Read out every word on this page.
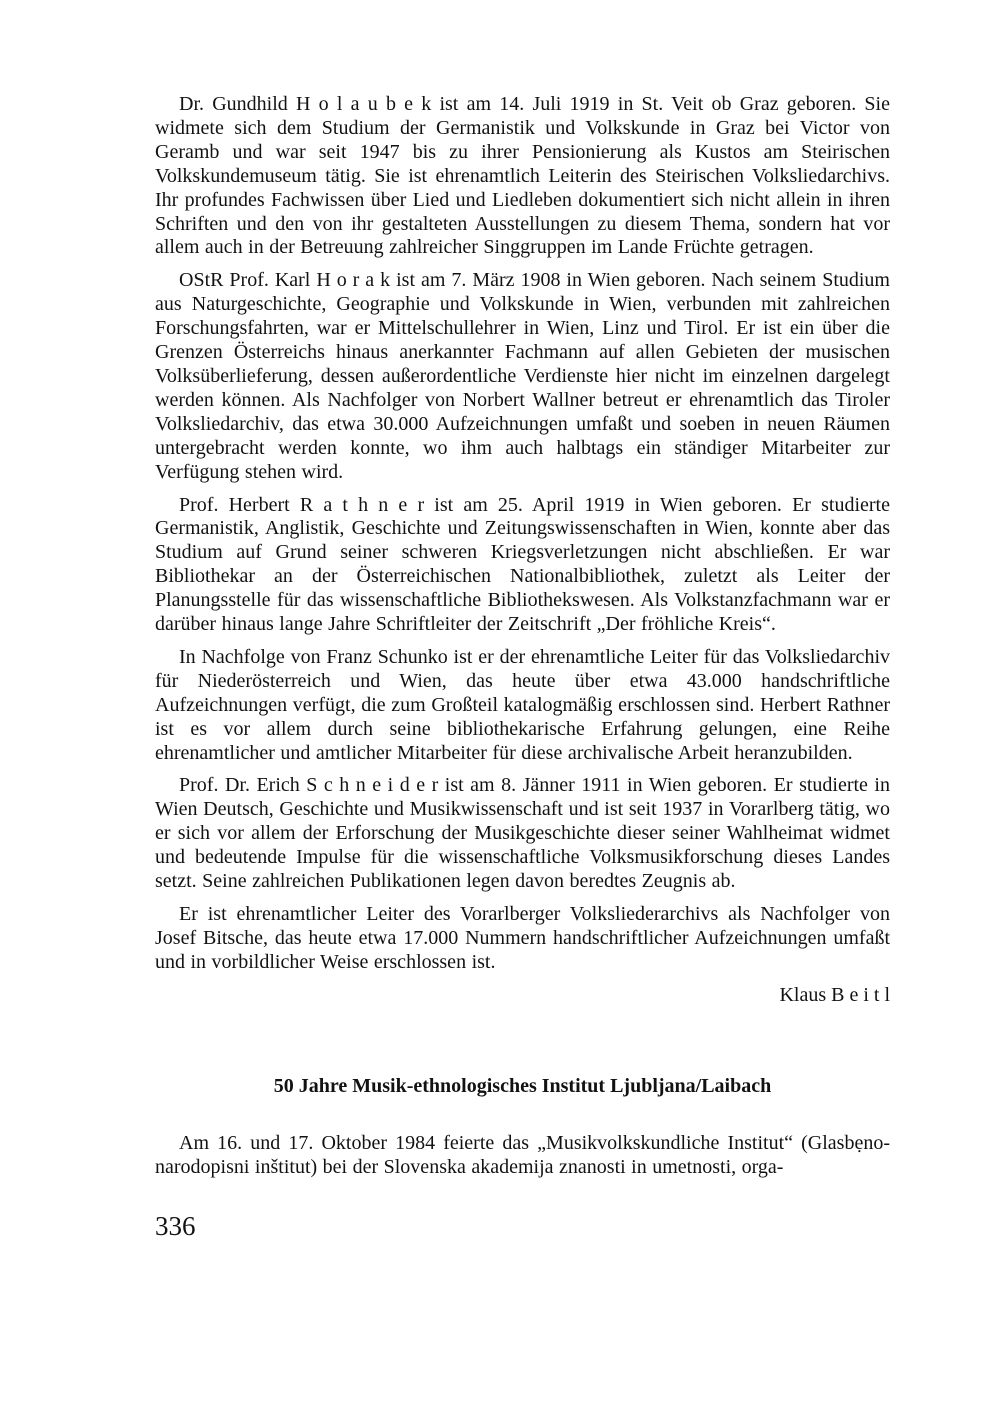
Dr. Gundhild H o l a u b e k ist am 14. Juli 1919 in St. Veit ob Graz geboren. Sie widmete sich dem Studium der Germanistik und Volkskunde in Graz bei Victor von Geramb und war seit 1947 bis zu ihrer Pensionierung als Kustos am Steirischen Volkskundemuseum tätig. Sie ist ehrenamtlich Leiterin des Steirischen Volksliedarchivs. Ihr profundes Fachwissen über Lied und Liedleben dokumentiert sich nicht allein in ihren Schriften und den von ihr gestalteten Ausstellungen zu diesem Thema, sondern hat vor allem auch in der Betreuung zahlreicher Singgruppen im Lande Früchte getragen.

OStR Prof. Karl H o r a k ist am 7. März 1908 in Wien geboren. Nach seinem Studium aus Naturgeschichte, Geographie und Volkskunde in Wien, verbunden mit zahlreichen Forschungsfahrten, war er Mittelschullehrer in Wien, Linz und Tirol. Er ist ein über die Grenzen Österreichs hinaus anerkannter Fachmann auf allen Gebieten der musischen Volksüberlieferung, dessen außerordentliche Verdienste hier nicht im einzelnen dargelegt werden können. Als Nachfolger von Norbert Wallner betreut er ehrenamtlich das Tiroler Volksliedarchiv, das etwa 30.000 Aufzeichnungen umfaßt und soeben in neuen Räumen untergebracht werden konnte, wo ihm auch halbtags ein ständiger Mitarbeiter zur Verfügung stehen wird.

Prof. Herbert R a t h n e r ist am 25. April 1919 in Wien geboren. Er studierte Germanistik, Anglistik, Geschichte und Zeitungswissenschaften in Wien, konnte aber das Studium auf Grund seiner schweren Kriegsverletzungen nicht abschließen. Er war Bibliothekar an der Österreichischen Nationalbibliothek, zuletzt als Leiter der Planungsstelle für das wissenschaftliche Bibliothekswesen. Als Volkstanzfachmann war er darüber hinaus lange Jahre Schriftleiter der Zeitschrift „Der fröhliche Kreis“.

In Nachfolge von Franz Schunko ist er der ehrenamtliche Leiter für das Volksliedarchiv für Niederösterreich und Wien, das heute über etwa 43.000 handschriftliche Aufzeichnungen verfügt, die zum Großteil katalogmäßig erschlossen sind. Herbert Rathner ist es vor allem durch seine bibliothekarische Erfahrung gelungen, eine Reihe ehrenamtlicher und amtlicher Mitarbeiter für diese archivalische Arbeit heranzubilden.

Prof. Dr. Erich S c h n e i d e r ist am 8. Jänner 1911 in Wien geboren. Er studierte in Wien Deutsch, Geschichte und Musikwissenschaft und ist seit 1937 in Vorarlberg tätig, wo er sich vor allem der Erforschung der Musikgeschichte dieser seiner Wahlheimat widmet und bedeutende Impulse für die wissenschaftliche Volksmusikforschung dieses Landes setzt. Seine zahlreichen Publikationen legen davon beredtes Zeugnis ab.

Er ist ehrenamtlicher Leiter des Vorarlberger Volksliederarchivs als Nachfolger von Josef Bitsche, das heute etwa 17.000 Nummern handschriftlicher Aufzeichnungen umfaßt und in vorbildlicher Weise erschlossen ist.

Klaus B e i t l

50 Jahre Musik-ethnologisches Institut Ljubljana/Laibach

Am 16. und 17. Oktober 1984 feierte das „Musikvolkskundliche Institut“ (Glasbẹno-narodopisni inštitut) bei der Slovenska akademija znanosti in umetnosti, orga-

336
